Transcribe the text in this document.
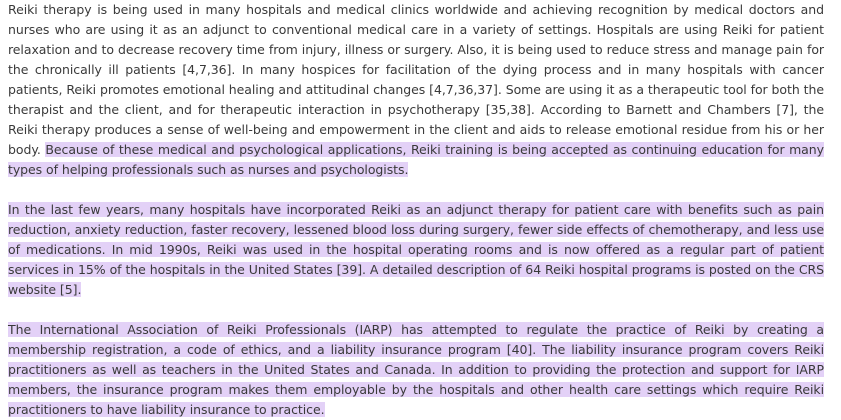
Reiki therapy is being used in many hospitals and medical clinics worldwide and achieving recognition by medical doctors and nurses who are using it as an adjunct to conventional medical care in a variety of settings. Hospitals are using Reiki for patient relaxation and to decrease recovery time from injury, illness or surgery. Also, it is being used to reduce stress and manage pain for the chronically ill patients [4,7,36]. In many hospices for facilitation of the dying process and in many hospitals with cancer patients, Reiki promotes emotional healing and attitudinal changes [4,7,36,37]. Some are using it as a therapeutic tool for both the therapist and the client, and for therapeutic interaction in psychotherapy [35,38]. According to Barnett and Chambers [7], the Reiki therapy produces a sense of well-being and empowerment in the client and aids to release emotional residue from his or her body. Because of these medical and psychological applications, Reiki training is being accepted as continuing education for many types of helping professionals such as nurses and psychologists.

In the last few years, many hospitals have incorporated Reiki as an adjunct therapy for patient care with benefits such as pain reduction, anxiety reduction, faster recovery, lessened blood loss during surgery, fewer side effects of chemotherapy, and less use of medications. In mid 1990s, Reiki was used in the hospital operating rooms and is now offered as a regular part of patient services in 15% of the hospitals in the United States [39]. A detailed description of 64 Reiki hospital programs is posted on the CRS website [5].

The International Association of Reiki Professionals (IARP) has attempted to regulate the practice of Reiki by creating a membership registration, a code of ethics, and a liability insurance program [40]. The liability insurance program covers Reiki practitioners as well as teachers in the United States and Canada. In addition to providing the protection and support for IARP members, the insurance program makes them employable by the hospitals and other health care settings which require Reiki practitioners to have liability insurance to practice.
